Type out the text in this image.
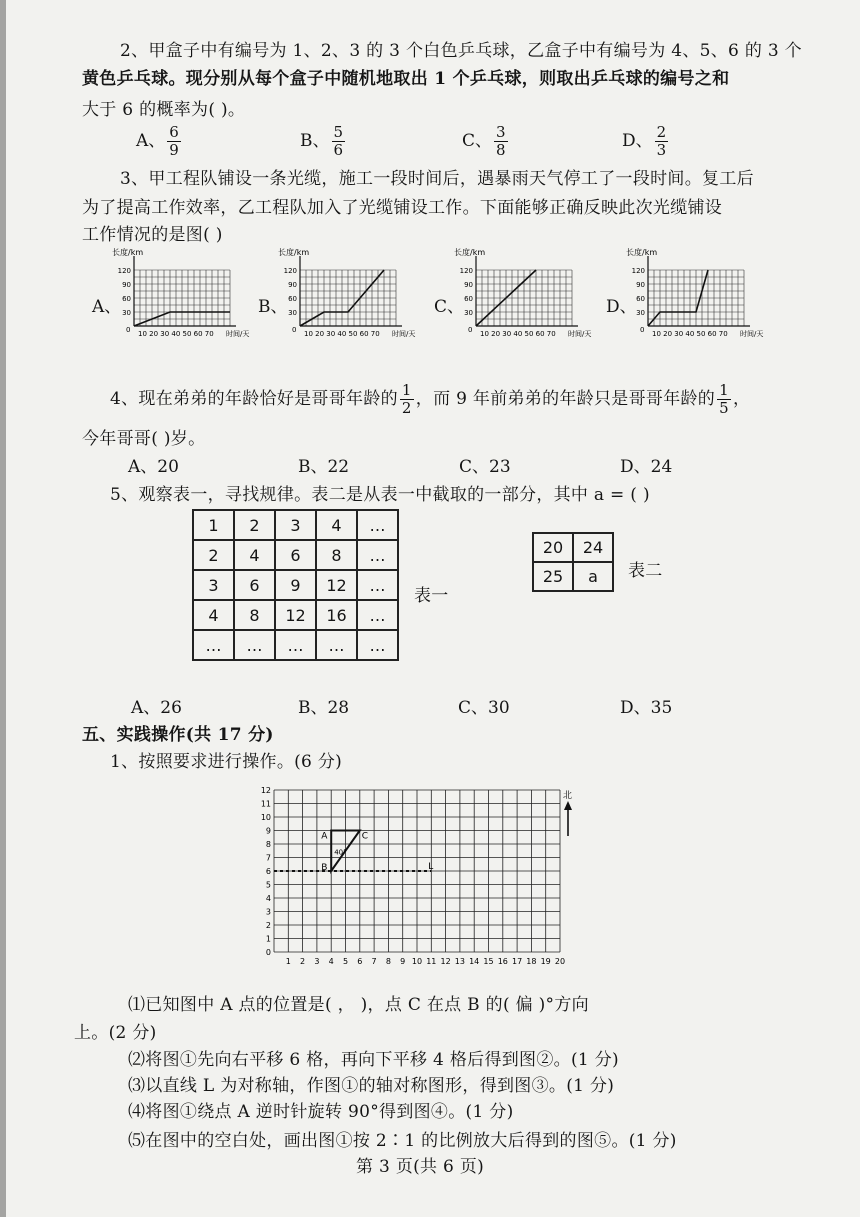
2、甲盒子中有编号为 1、2、3 的 3 个白色乒乓球，乙盒子中有编号为 4、5、6 的 3 个
黄色乒乓球。现分别从每个盒子中随机地取出 1 个乒乓球，则取出乒乓球的编号之和
大于 6 的概率为( )。
A、 $\frac{6}{9}$	B、 $\frac{5}{6}$	C、 $\frac{3}{8}$	D、 $\frac{2}{3}$
3、甲工程队铺设一条光缆，施工一段时间后，遇暴雨天气停工了一段时间。复工后
为了提高工作效率，乙工程队加入了光缆铺设工作。下面能够正确反映此次光缆铺设
工作情况的是图( )
A、
长度/km
120
90
60
30
0 10 20 30 40 50 60 70 时间/天
B、
长度/km
120
90
60
30
0 10 20 30 40 50 60 70 时间/天
C、
长度/km
120
90
60
30
0 10 20 30 40 50 60 70 时间/天
D、
长度/km
120
90
60
30
0 10 20 30 40 50 60 70 时间/天
4、现在弟弟的年龄恰好是哥哥年龄的 $\frac{1}{2}$ ，而 9 年前弟弟的年龄只是哥哥年龄的 $\frac{1}{5}$ ，
今年哥哥( )岁。
A、20	B、22	C、23	D、24
5、观察表一，寻找规律。表二是从表一中截取的一部分，其中 a = ( )
1	2	3	4	…
2	4	6	8	…
3	6	9	12	…
4	8	12	16	…
…	…	…	…	…
表一
20	24
25	a 表二
A、26	B、28	C、30	D、35
五、实践操作(共 17 分)
1、按照要求进行操作。(6 分)
12
11
10
9
8
7
6
5
4
3
2
1
0
1 2 3 4 5 6 7 8 9 10 11 12 13 14 15 16 17 18 19 20
L
A
B
C
40°
北
⑴已知图中 A 点的位置是( ， )，点 C 在点 B 的( 偏 )°方向
上。(2 分)
⑵将图①先向右平移 6 格，再向下平移 4 格后得到图②。(1 分)
⑶以直线 L 为对称轴，作图①的轴对称图形，得到图③。(1 分)
⑷将图①绕点 A 逆时针旋转 90°得到图④。(1 分)
⑸在图中的空白处，画出图①按 2∶1 的比例放大后得到的图⑤。(1 分)
第 3 页(共 6 页)
